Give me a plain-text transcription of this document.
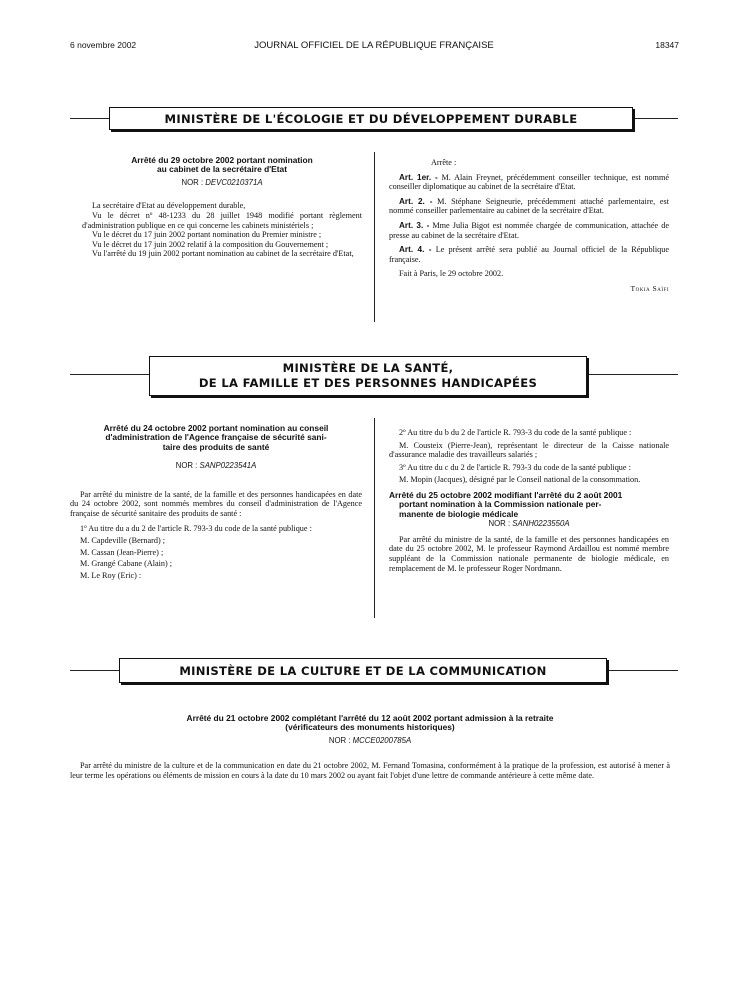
6 novembre 2002	JOURNAL OFFICIEL DE LA RÉPUBLIQUE FRANÇAISE	18347
MINISTÈRE DE L'ÉCOLOGIE ET DU DÉVELOPPEMENT DURABLE
Arrêté du 29 octobre 2002 portant nomination
au cabinet de la secrétaire d'Etat
NOR : DEVC0210371A

La secrétaire d'Etat au développement durable,

Vu le décret nº 48-1233 du 28 juillet 1948 modifié portant règlement d'administration publique en ce qui concerne les cabinets ministériels ;

Vu le décret du 17 juin 2002 portant nomination du Premier ministre ;

Vu le décret du 17 juin 2002 relatif à la composition du Gouvernement ;

Vu l'arrêté du 19 juin 2002 portant nomination au cabinet de la secrétaire d'Etat,

Arrête :

Art. 1er. - M. Alain Freynet, précédemment conseiller technique, est nommé conseiller diplomatique au cabinet de la secrétaire d'Etat.

Art. 2. - M. Stéphane Seigneurie, précédemment attaché parlementaire, est nommé conseiller parlementaire au cabinet de la secrétaire d'Etat.

Art. 3. - Mme Julia Bigot est nommée chargée de communication, attachée de presse au cabinet de la secrétaire d'Etat.

Art. 4. - Le présent arrêté sera publié au Journal officiel de la République française.

Fait à Paris, le 29 octobre 2002.

Tokia Saïfi

MINISTÈRE DE LA SANTÉ,
DE LA FAMILLE ET DES PERSONNES HANDICAPÉES
Arrêté du 24 octobre 2002 portant nomination au conseil
d'administration de l'Agence française de sécurité sani-
taire des produits de santé
NOR : SANP0223541A

Par arrêté du ministre de la santé, de la famille et des personnes handicapées en date du 24 octobre 2002, sont nommés membres du conseil d'administration de l'Agence française de sécurité sanitaire des produits de santé :

1º Au titre du a du 2 de l'article R. 793-3 du code de la santé publique :

M. Capdeville (Bernard) ;

M. Cassan (Jean-Pierre) ;

M. Grangé Cabane (Alain) ;

M. Le Roy (Eric) :

2º Au titre du b du 2 de l'article R. 793-3 du code de la santé publique :

M. Cousteix (Pierre-Jean), représentant le directeur de la Caisse nationale d'assurance maladie des travailleurs salariés ;

3º Au titre du c du 2 de l'article R. 793-3 du code de la santé publique :

M. Mopin (Jacques), désigné par le Conseil national de la consommation.

Arrêté du 25 octobre 2002 modifiant l'arrêté du 2 août 2001
portant nomination à la Commission nationale per-
manente de biologie médicale
NOR : SANH0223550A

Par arrêté du ministre de la santé, de la famille et des personnes handicapées en date du 25 octobre 2002, M. le professeur Raymond Ardaillou est nommé membre suppléant de la Commission nationale permanente de biologie médicale, en remplacement de M. le professeur Roger Nordmann.

MINISTÈRE DE LA CULTURE ET DE LA COMMUNICATION
Arrêté du 21 octobre 2002 complétant l'arrêté du 12 août 2002 portant admission à la retraite
(vérificateurs des monuments historiques)
NOR : MCCE0200785A

Par arrêté du ministre de la culture et de la communication en date du 21 octobre 2002, M. Fernand Tomasina, conformément à la pratique de la profession, est autorisé à mener à leur terme les opérations ou éléments de mission en cours à la date du 10 mars 2002 ou ayant fait l'objet d'une lettre de commande antérieure à cette même date.
